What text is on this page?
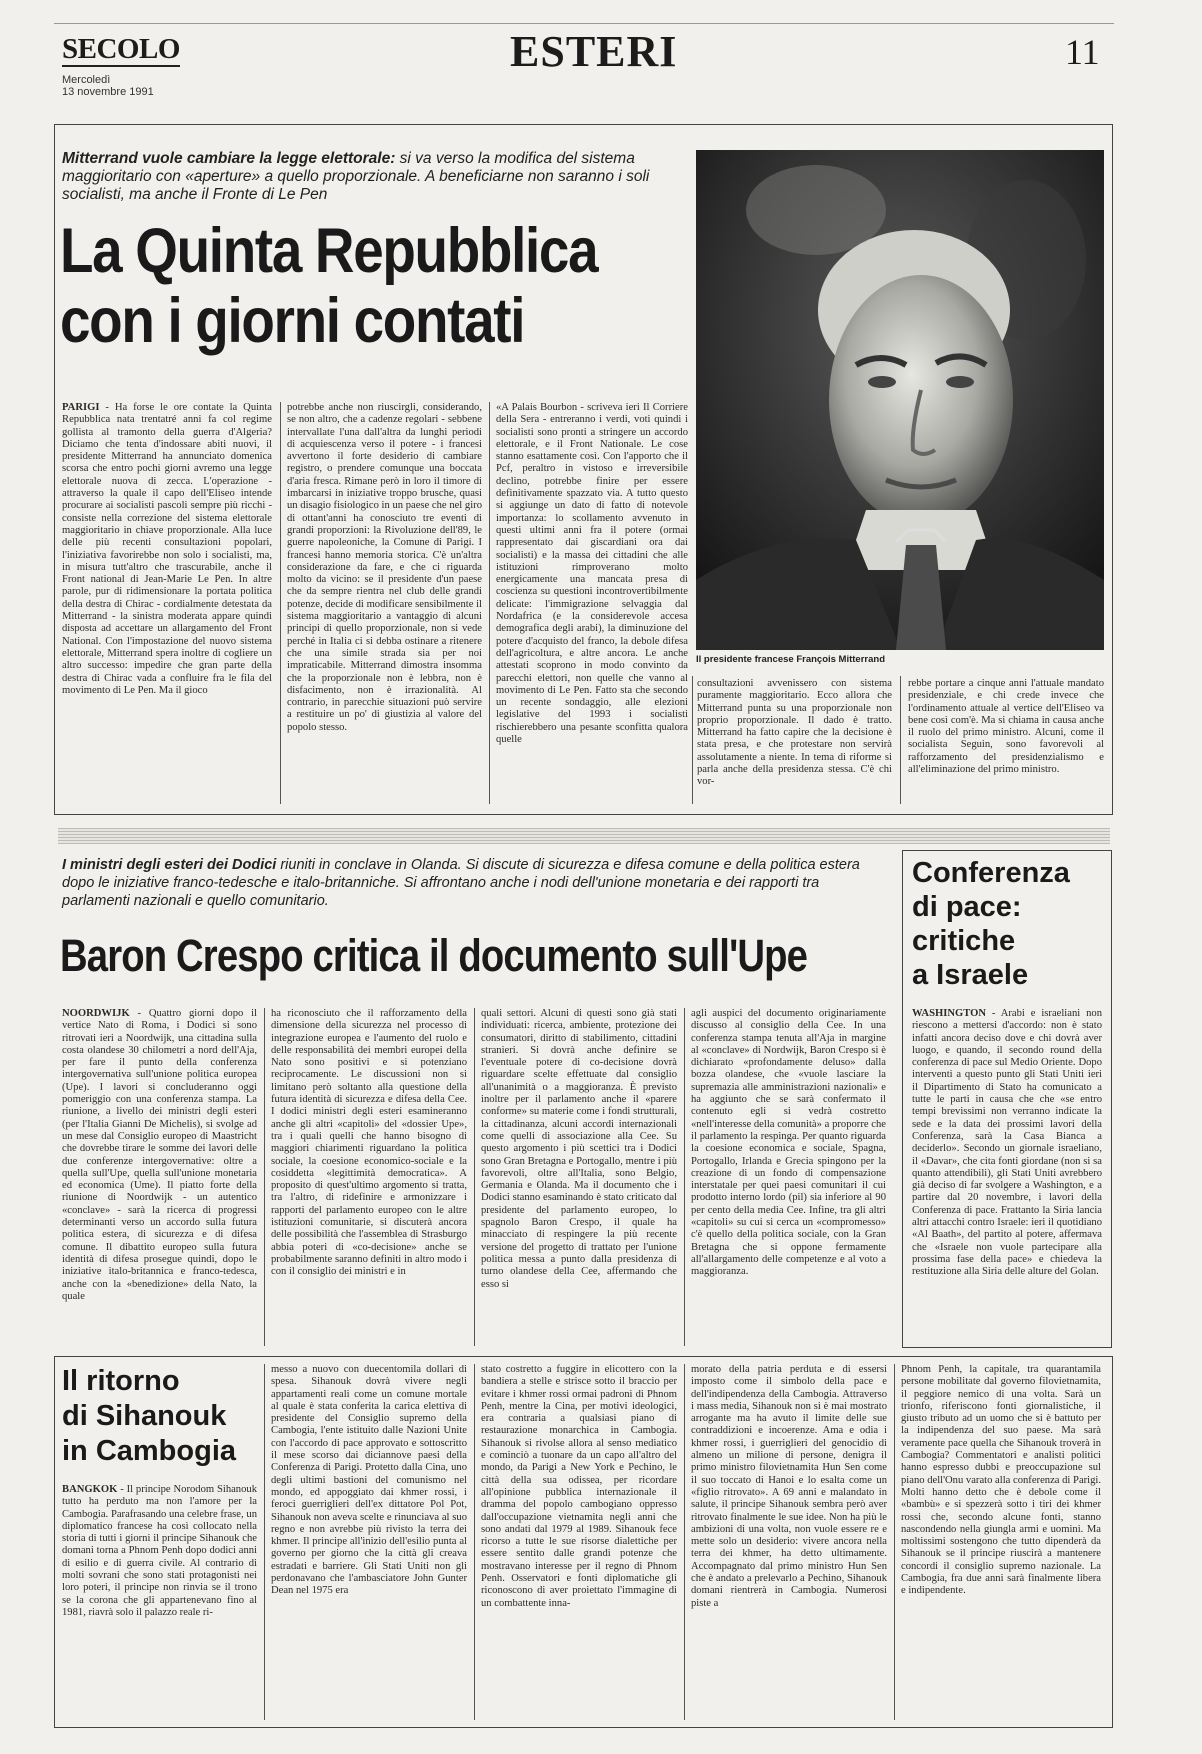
SECOLO
Mercoledì
13 novembre 1991
ESTERI	11
Mitterrand vuole cambiare la legge elettorale: si va verso la modifica del sistema maggioritario con «aperture» a quello proporzionale. A beneficiarne non saranno i soli socialisti, ma anche il Fronte di Le Pen
La Quinta Repubblica
con i giorni contati
Il presidente francese François Mitterrand
PARIGI - Ha forse le ore contate la Quinta Repubblica nata trentatré anni fa col regime gollista al tramonto della guerra d'Algeria? Diciamo che tenta d'indossare abiti nuovi, il presidente Mitterrand ha annunciato domenica scorsa che entro pochi giorni avremo una legge elettorale nuova di zecca. L'operazione - attraverso la quale il capo dell'Eliseo intende procurare ai socialisti pascoli sempre più ricchi - consiste nella correzione del sistema elettorale maggioritario in chiave proporzionale. Alla luce delle più recenti consultazioni popolari, l'iniziativa favorirebbe non solo i socialisti, ma, in misura tutt'altro che trascurabile, anche il Front national di Jean-Marie Le Pen. In altre parole, pur di ridimensionare la portata politica della destra di Chirac - cordialmente detestata da Mitterrand - la sinistra moderata appare quindi disposta ad accettare un allargamento del Front National. Con l'impostazione del nuovo sistema elettorale, Mitterrand spera inoltre di cogliere un altro successo: impedire che gran parte della destra di Chirac vada a confluire fra le fila del movimento di Le Pen. Ma il gioco
potrebbe anche non riuscirgli, considerando, se non altro, che a cadenze regolari - sebbene intervallate l'una dall'altra da lunghi periodi di acquiescenza verso il potere - i francesi avvertono il forte desiderio di cambiare registro, o prendere comunque una boccata d'aria fresca. Rimane però in loro il timore di imbarcarsi in iniziative troppo brusche, quasi un disagio fisiologico in un paese che nel giro di ottant'anni ha conosciuto tre eventi di grandi proporzioni: la Rivoluzione dell'89, le guerre napoleoniche, la Comune di Parigi. I francesi hanno memoria storica. C'è un'altra considerazione da fare, e che ci riguarda molto da vicino: se il presidente d'un paese che da sempre rientra nel club delle grandi potenze, decide di modificare sensibilmente il sistema maggioritario a vantaggio di alcuni principi di quello proporzionale, non si vede perché in Italia ci si debba ostinare a ritenere che una simile strada sia per noi impraticabile. Mitterrand dimostra insomma che la proporzionale non è lebbra, non è disfacimento, non è irrazionalità. Al contrario, in parecchie situazioni può servire a restituire un po' di giustizia al valore del popolo stesso.
«A Palais Bourbon - scriveva ieri Il Corriere della Sera - entreranno i verdi, voti quindi i socialisti sono pronti a stringere un accordo elettorale, e il Front Nationale. Le cose stanno esattamente così. Con l'apporto che il Pcf, peraltro in vistoso e irreversibile declino, potrebbe finire per essere definitivamente spazzato via. A tutto questo si aggiunge un dato di fatto di notevole importanza: lo scollamento avvenuto in questi ultimi anni fra il potere (ormai rappresentato dai giscardiani ora dai socialisti) e la massa dei cittadini che alle istituzioni rimproverano molto energicamente una mancata presa di coscienza su questioni incontrovertibilmente delicate: l'immigrazione selvaggia dal Nordafrica (e la considerevole accesa demografica degli arabi), la diminuzione del potere d'acquisto del franco, la debole difesa dell'agricoltura, e altre ancora. Le anche attestati scoprono in modo convinto da parecchi elettori, non quelle che vanno al movimento di Le Pen. Fatto sta che secondo un recente sondaggio, alle elezioni legislative del 1993 i socialisti rischierebbero una pesante sconfitta qualora quelle
consultazioni avvenissero con sistema puramente maggioritario. Ecco allora che Mitterrand punta su una proporzionale non proprio proporzionale. Il dado è tratto. Mitterrand ha fatto capire che la decisione è stata presa, e che protestare non servirà assolutamente a niente. In tema di riforme si parla anche della presidenza stessa. C'è chi vor-
rebbe portare a cinque anni l'attuale mandato presidenziale, e chi crede invece che l'ordinamento attuale al vertice dell'Eliseo va bene così com'è. Ma si chiama in causa anche il ruolo del primo ministro. Alcuni, come il socialista Seguin, sono favorevoli al rafforzamento del presidenzialismo e all'eliminazione del primo ministro.
I ministri degli esteri dei Dodici riuniti in conclave in Olanda. Si discute di sicurezza e difesa comune e della politica estera dopo le iniziative franco-tedesche e italo-britanniche. Si affrontano anche i nodi dell'unione monetaria e dei rapporti tra parlamenti nazionali e quello comunitario.
Baron Crespo critica il documento sull'Upe
NOORDWIJK - Quattro giorni dopo il vertice Nato di Roma, i Dodici si sono ritrovati ieri a Noordwijk, una cittadina sulla costa olandese 30 chilometri a nord dell'Aja, per fare il punto della conferenza intergovernativa sull'unione politica europea (Upe). I lavori si concluderanno oggi pomeriggio con una conferenza stampa. La riunione, a livello dei ministri degli esteri (per l'Italia Gianni De Michelis), si svolge ad un mese dal Consiglio europeo di Maastricht che dovrebbe tirare le somme dei lavori delle due conferenze intergovernative: oltre a quella sull'Upe, quella sull'unione monetaria ed economica (Ume). Il piatto forte della riunione di Noordwijk - un autentico «conclave» - sarà la ricerca di progressi determinanti verso un accordo sulla futura politica estera, di sicurezza e di difesa comune. Il dibattito europeo sulla futura identità di difesa prosegue quindi, dopo le iniziative italo-britannica e franco-tedesca, anche con la «benedizione» della Nato, la quale
ha riconosciuto che il rafforzamento della dimensione della sicurezza nel processo di integrazione europea e l'aumento del ruolo e delle responsabilità dei membri europei della Nato sono positivi e si potenziano reciprocamente. Le discussioni non si limitano però soltanto alla questione della futura identità di sicurezza e difesa della Cee. I dodici ministri degli esteri esamineranno anche gli altri «capitoli» del «dossier Upe», tra i quali quelli che hanno bisogno di maggiori chiarimenti riguardano la politica sociale, la coesione economico-sociale e la cosiddetta «legittimità democratica». A proposito di quest'ultimo argomento si tratta, tra l'altro, di ridefinire e armonizzare i rapporti del parlamento europeo con le altre istituzioni comunitarie, si discuterà ancora delle possibilità che l'assemblea di Strasburgo abbia poteri di «co-decisione» anche se probabilmente saranno definiti in altro modo i con il consiglio dei ministri e in
quali settori. Alcuni di questi sono già stati individuati: ricerca, ambiente, protezione dei consumatori, diritto di stabilimento, cittadini stranieri. Si dovrà anche definire se l'eventuale potere di co-decisione dovrà riguardare scelte effettuate dal consiglio all'unanimità o a maggioranza. È previsto inoltre per il parlamento anche il «parere conforme» su materie come i fondi strutturali, la cittadinanza, alcuni accordi internazionali come quelli di associazione alla Cee. Su questo argomento i più scettici tra i Dodici sono Gran Bretagna e Portogallo, mentre i più favorevoli, oltre all'Italia, sono Belgio, Germania e Olanda. Ma il documento che i Dodici stanno esaminando è stato criticato dal presidente del parlamento europeo, lo spagnolo Baron Crespo, il quale ha minacciato di respingere la più recente versione del progetto di trattato per l'unione politica messa a punto dalla presidenza di turno olandese della Cee, affermando che esso si
agli auspici del documento originariamente discusso al consiglio della Cee. In una conferenza stampa tenuta all'Aja in margine al «conclave» di Nordwijk, Baron Crespo si è dichiarato «profondamente deluso» dalla bozza olandese, che «vuole lasciare la supremazia alle amministrazioni nazionali» e ha aggiunto che se sarà confermato il contenuto egli si vedrà costretto «nell'interesse della comunità» a proporre che il parlamento la respinga. Per quanto riguarda la coesione economica e sociale, Spagna, Portogallo, Irlanda e Grecia spingono per la creazione di un fondo di compensazione interstatale per quei paesi comunitari il cui prodotto interno lordo (pil) sia inferiore al 90 per cento della media Cee. Infine, tra gli altri «capitoli» su cui si cerca un «compromesso» c'è quello della politica sociale, con la Gran Bretagna che si oppone fermamente all'allargamento delle competenze e al voto a maggioranza.
Conferenza
di pace:
critiche
a Israele
WASHINGTON - Arabi e israeliani non riescono a mettersi d'accordo: non è stato infatti ancora deciso dove e chi dovrà aver luogo, e quando, il secondo round della conferenza di pace sul Medio Oriente. Dopo interventi a questo punto gli Stati Uniti ieri il Dipartimento di Stato ha comunicato a tutte le parti in causa che che «se entro tempi brevissimi non verranno indicate la sede e la data dei prossimi lavori della Conferenza, sarà la Casa Bianca a deciderlo». Secondo un giornale israeliano, il «Davar», che cita fonti giordane (non si sa quanto attendibili), gli Stati Uniti avrebbero già deciso di far svolgere a Washington, e a partire dal 20 novembre, i lavori della Conferenza di pace. Frattanto la Siria lancia altri attacchi contro Israele: ieri il quotidiano «Al Baath», del partito al potere, affermava che «Israele non vuole partecipare alla prossima fase della pace» e chiedeva la restituzione alla Siria delle alture del Golan.
Il ritorno
di Sihanouk
in Cambogia
BANGKOK - Il principe Norodom Sihanouk tutto ha perduto ma non l'amore per la Cambogia. Parafrasando una celebre frase, un diplomatico francese ha così collocato nella storia di tutti i giorni il principe Sihanouk che domani torna a Phnom Penh dopo dodici anni di esilio e di guerra civile. Al contrario di molti sovrani che sono stati protagonisti nei loro poteri, il principe non rinvia se il trono se la corona che gli appartenevano fino al 1981, riavrà solo il palazzo reale ri-
messo a nuovo con duecentomila dollari di spesa. Sihanouk dovrà vivere negli appartamenti reali come un comune mortale al quale è stata conferita la carica elettiva di presidente del Consiglio supremo della Cambogia, l'ente istituito dalle Nazioni Unite con l'accordo di pace approvato e sottoscritto il mese scorso dai diciannove paesi della Conferenza di Parigi. Protetto dalla Cina, uno degli ultimi bastioni del comunismo nel mondo, ed appoggiato dai khmer rossi, i feroci guerriglieri dell'ex dittatore Pol Pot, Sihanouk non aveva scelte e rinunciava al suo regno e non avrebbe più rivisto la terra dei khmer. Il principe all'inizio dell'esilio punta al governo per giorno che la città gli creava estradati e barriere. Gli Stati Uniti non gli perdonavano che l'ambasciatore John Gunter Dean nel 1975 era
stato costretto a fuggire in elicottero con la bandiera a stelle e strisce sotto il braccio per evitare i khmer rossi ormai padroni di Phnom Penh, mentre la Cina, per motivi ideologici, era contraria a qualsiasi piano di restaurazione monarchica in Cambogia. Sihanouk si rivolse allora al senso mediatico e cominciò a tuonare da un capo all'altro del mondo, da Parigi a New York e Pechino, le città della sua odissea, per ricordare all'opinione pubblica internazionale il dramma del popolo cambogiano oppresso dall'occupazione vietnamita negli anni che sono andati dal 1979 al 1989. Sihanouk fece ricorso a tutte le sue risorse dialettiche per essere sentito dalle grandi potenze che mostravano interesse per il regno di Phnom Penh. Osservatori e fonti diplomatiche gli riconoscono di aver proiettato l'immagine di un combattente inna-
morato della patria perduta e di essersi imposto come il simbolo della pace e dell'indipendenza della Cambogia. Attraverso i mass media, Sihanouk non si è mai mostrato arrogante ma ha avuto il limite delle sue contraddizioni e incoerenze. Ama e odia i khmer rossi, i guerriglieri del genocidio di almeno un milione di persone, denigra il primo ministro filovietnamita Hun Sen come il suo toccato di Hanoi e lo esalta come un «figlio ritrovato». A 69 anni e malandato in salute, il principe Sihanouk sembra però aver ritrovato finalmente le sue idee. Non ha più le ambizioni di una volta, non vuole essere re e mette solo un desiderio: vivere ancora nella terra dei khmer, ha detto ultimamente. Accompagnato dal primo ministro Hun Sen che è andato a prelevarlo a Pechino, Sihanouk domani rientrerà in Cambogia. Numerosi piste a
Phnom Penh, la capitale, tra quarantamila persone mobilitate dal governo filovietnamita, il peggiore nemico di una volta. Sarà un trionfo, riferiscono fonti giornalistiche, il giusto tributo ad un uomo che si è battuto per la indipendenza del suo paese. Ma sarà veramente pace quella che Sihanouk troverà in Cambogia? Commentatori e analisti politici hanno espresso dubbi e preoccupazione sul piano dell'Onu varato alla conferenza di Parigi. Molti hanno detto che è debole come il «bambù» e si spezzerà sotto i tiri dei khmer rossi che, secondo alcune fonti, stanno nascondendo nella giungla armi e uomini. Ma moltissimi sostengono che tutto dipenderà da Sihanouk se il principe riuscirà a mantenere concordi il consiglio supremo nazionale. La Cambogia, fra due anni sarà finalmente libera e indipendente.
